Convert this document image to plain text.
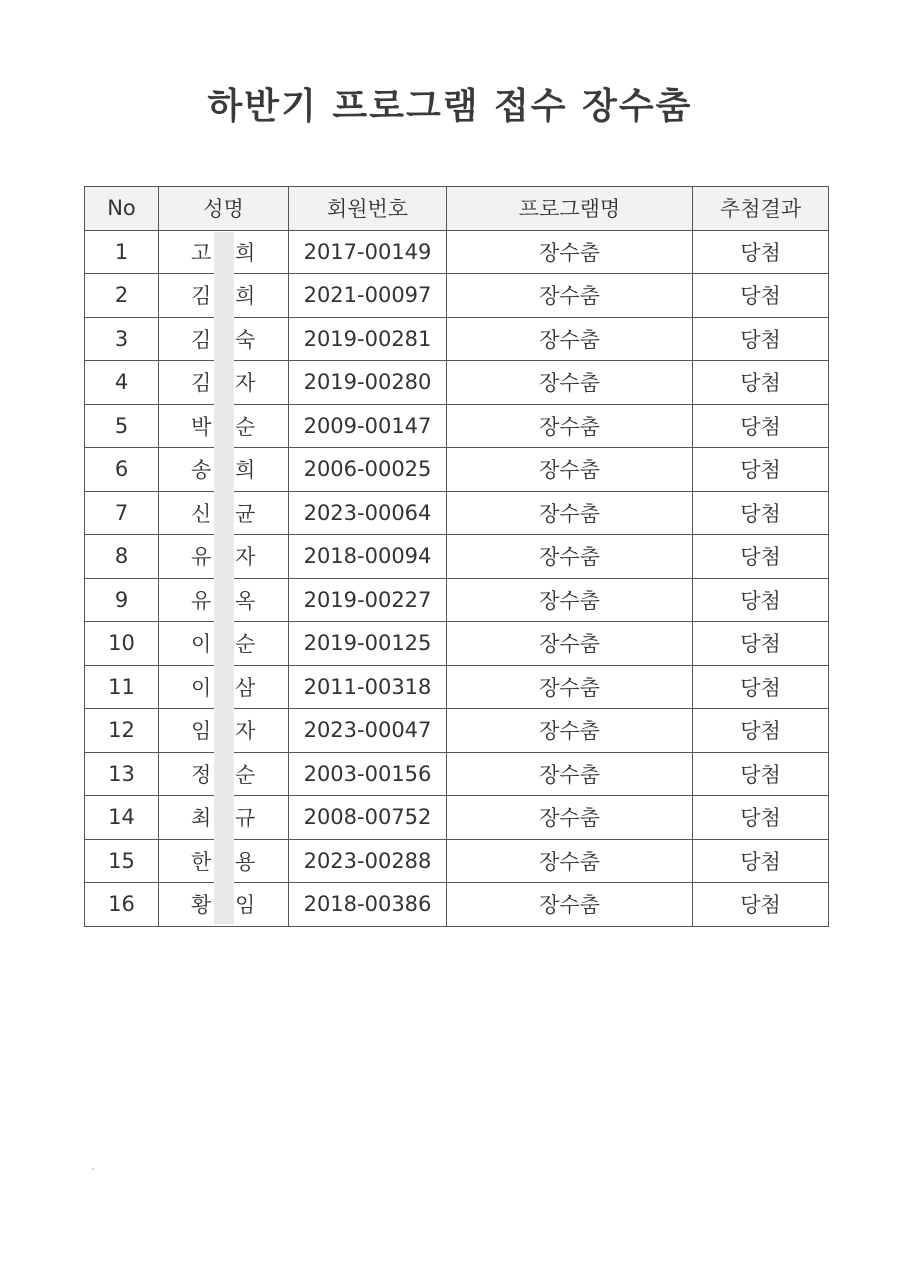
하반기 프로그램 접수 장수춤
No	성명	회원번호	프로그램명	추첨결과
1	고 희	2017-00149	장수춤	당첨
2	김 희	2021-00097	장수춤	당첨
3	김 숙	2019-00281	장수춤	당첨
4	김 자	2019-00280	장수춤	당첨
5	박 순	2009-00147	장수춤	당첨
6	송 희	2006-00025	장수춤	당첨
7	신 균	2023-00064	장수춤	당첨
8	유 자	2018-00094	장수춤	당첨
9	유 옥	2019-00227	장수춤	당첨
10	이 순	2019-00125	장수춤	당첨
11	이 삼	2011-00318	장수춤	당첨
12	임 자	2023-00047	장수춤	당첨
13	정 순	2003-00156	장수춤	당첨
14	최 규	2008-00752	장수춤	당첨
15	한 용	2023-00288	장수춤	당첨
16	황 임	2018-00386	장수춤	당첨
